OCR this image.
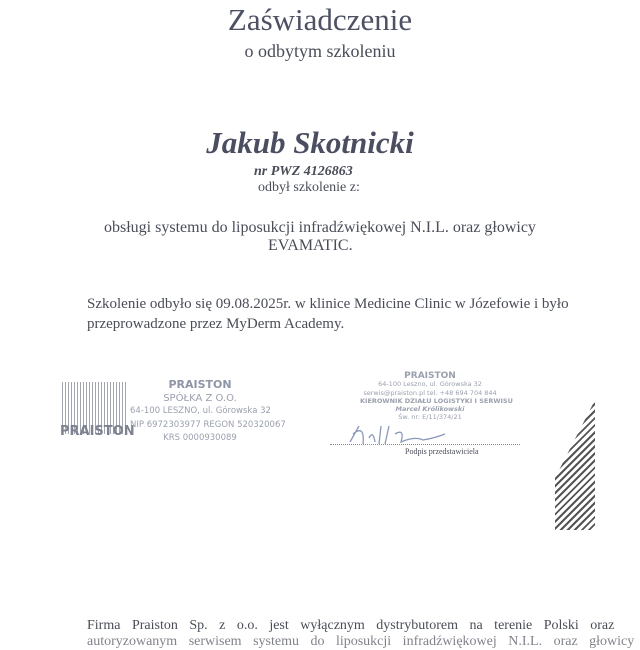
Zaświadczenie
o odbytym szkoleniu
Jakub Skotnicki
nr PWZ 4126863
odbył szkolenie z:
obsługi systemu do liposukcji infradźwiękowej N.I.L. oraz głowicy
EVAMATIC.
Szkolenie odbyło się 09.08.2025r. w klinice Medicine Clinic w Józefowie i było
przeprowadzone przez MyDerm Academy.
PRAISTON
PRAISTON
SPÓŁKA Z O.O.
64-100 LESZNO, ul. Górowska 32
NIP 6972303977 REGON 520320067
KRS 0000930089
PRAISTON
64-100 Leszno, ul. Górowska 32
serwis@praiston.pl tel. +48 694 704 844
KIEROWNIK DZIAŁU LOGISTYKI I SERWISU
Marcel Królikowski
Św. nr: E/11/374/21
Podpis przedstawiciela
Firma Praiston Sp. z o.o. jest wyłącznym dystrybutorem na terenie Polski oraz
autoryzowanym serwisem systemu do liposukcji infradźwiękowej N.I.L. oraz głowicy
